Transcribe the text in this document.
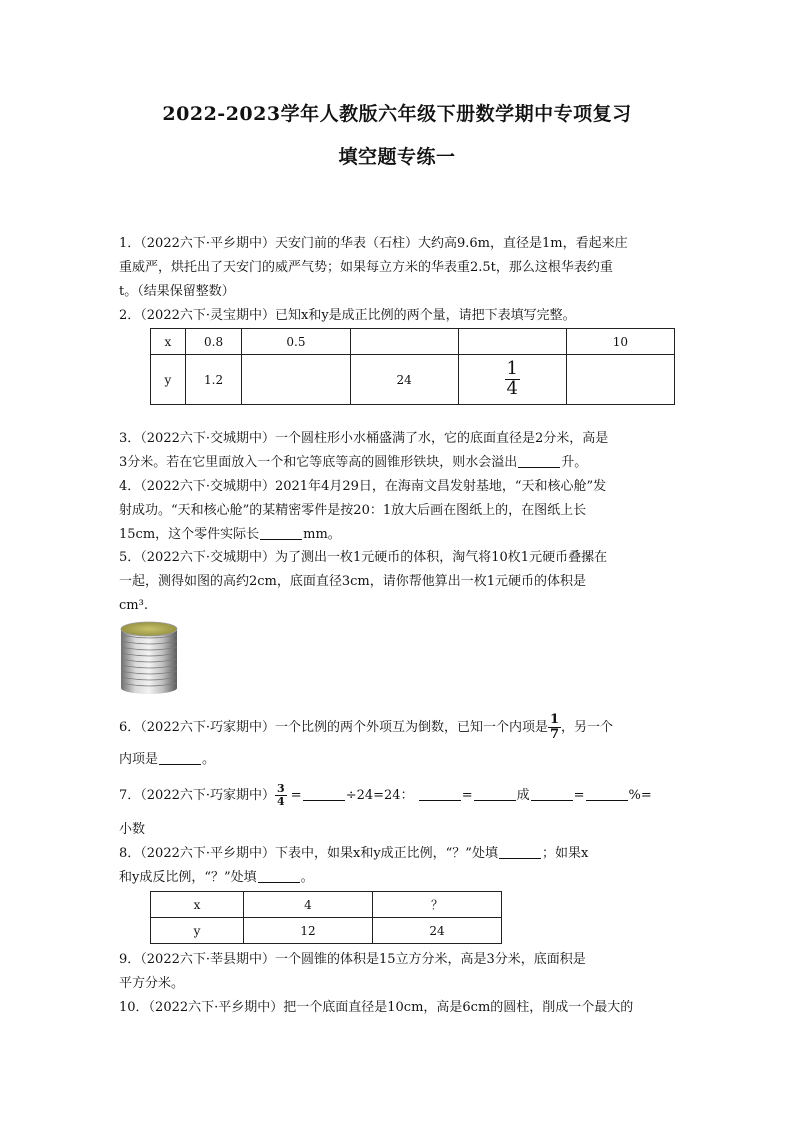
2022-2023学年人教版六年级下册数学期中专项复习
填空题专练一

1．（2022六下·平乡期中）天安门前的华表（石柱）大约高9.6m，直径是1m，看起来庄

重威严，烘托出了天安门的威严气势；如果每立方米的华表重2.5t，那么这根华表约重

t。（结果保留整数）

2．（2022六下·灵宝期中）已知x和y是成正比例的两个量，请把下表填写完整。

x	0.8	0.5			10
y	1.2		24	$\frac{1}{4}$

3．（2022六下·交城期中）一个圆柱形小水桶盛满了水，它的底面直径是2分米，高是

3分米。若在它里面放入一个和它等底等高的圆锥形铁块，则水会溢出	升。

4．（2022六下·交城期中）2021年4月29日，在海南文昌发射基地，“天和核心舱”发

射成功。“天和核心舱”的某精密零件是按20：1放大后画在图纸上的，在图纸上长

15cm，这个零件实际长	mm。

5．（2022六下·交城期中）为了测出一枚1元硬币的体积，淘气将10枚1元硬币叠摞在

一起，测得如图的高约2cm，底面直径3cm，请你帮他算出一枚1元硬币的体积是

cm³.

6．（2022六下·巧家期中）一个比例的两个外项互为倒数，已知一个内项是 $\frac{1}{7}$ ，另一个

内项是	。

7．（2022六下·巧家期中） $\frac{3}{4}$ =	÷24=24：	=	成	=	%=

小数

8．（2022六下·平乡期中）下表中，如果x和y成正比例，“？”处填	；如果x

和y成反比例，“？”处填	。

x	4	？
y	12	24

9．（2022六下·莘县期中）一个圆锥的体积是15立方分米，高是3分米，底面积是

平方分米。

10．（2022六下·平乡期中）把一个底面直径是10cm，高是6cm的圆柱，削成一个最大的
